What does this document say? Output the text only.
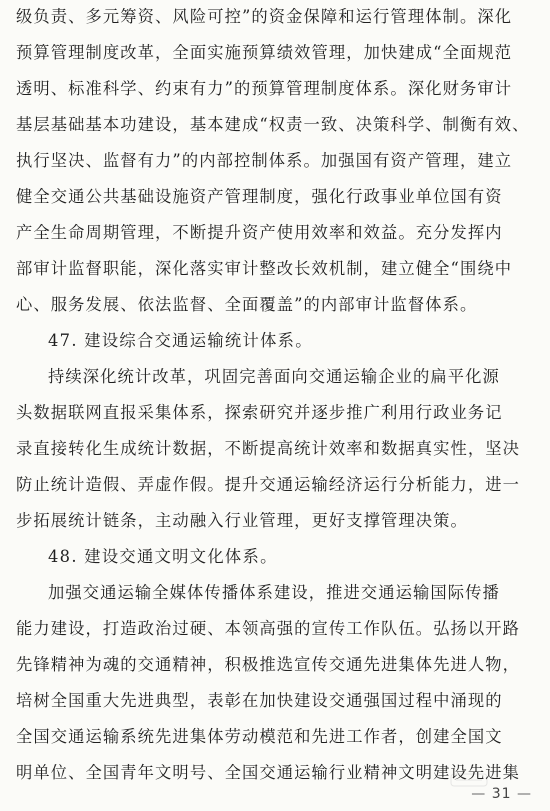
级负责、多元筹资、风险可控”的资金保障和运行管理体制。深化
预算管理制度改革，全面实施预算绩效管理，加快建成“全面规范
透明、标准科学、约束有力”的预算管理制度体系。深化财务审计
基层基础基本功建设，基本建成“权责一致、决策科学、制衡有效、
执行坚决、监督有力”的内部控制体系。加强国有资产管理，建立
健全交通公共基础设施资产管理制度，强化行政事业单位国有资
产全生命周期管理，不断提升资产使用效率和效益。充分发挥内
部审计监督职能，深化落实审计整改长效机制，建立健全“围绕中
心、服务发展、依法监督、全面覆盖”的内部审计监督体系。
47. 建设综合交通运输统计体系。
持续深化统计改革，巩固完善面向交通运输企业的扁平化源
头数据联网直报采集体系，探索研究并逐步推广利用行政业务记
录直接转化生成统计数据，不断提高统计效率和数据真实性，坚决
防止统计造假、弄虚作假。提升交通运输经济运行分析能力，进一
步拓展统计链条，主动融入行业管理，更好支撑管理决策。
48. 建设交通文明文化体系。
加强交通运输全媒体传播体系建设，推进交通运输国际传播
能力建设，打造政治过硬、本领高强的宣传工作队伍。弘扬以开路
先锋精神为魂的交通精神，积极推选宣传交通先进集体先进人物，
培树全国重大先进典型，表彰在加快建设交通强国过程中涌现的
全国交通运输系统先进集体劳动模范和先进工作者，创建全国文
明单位、全国青年文明号、全国交通运输行业精神文明建设先进集
— 31 —
